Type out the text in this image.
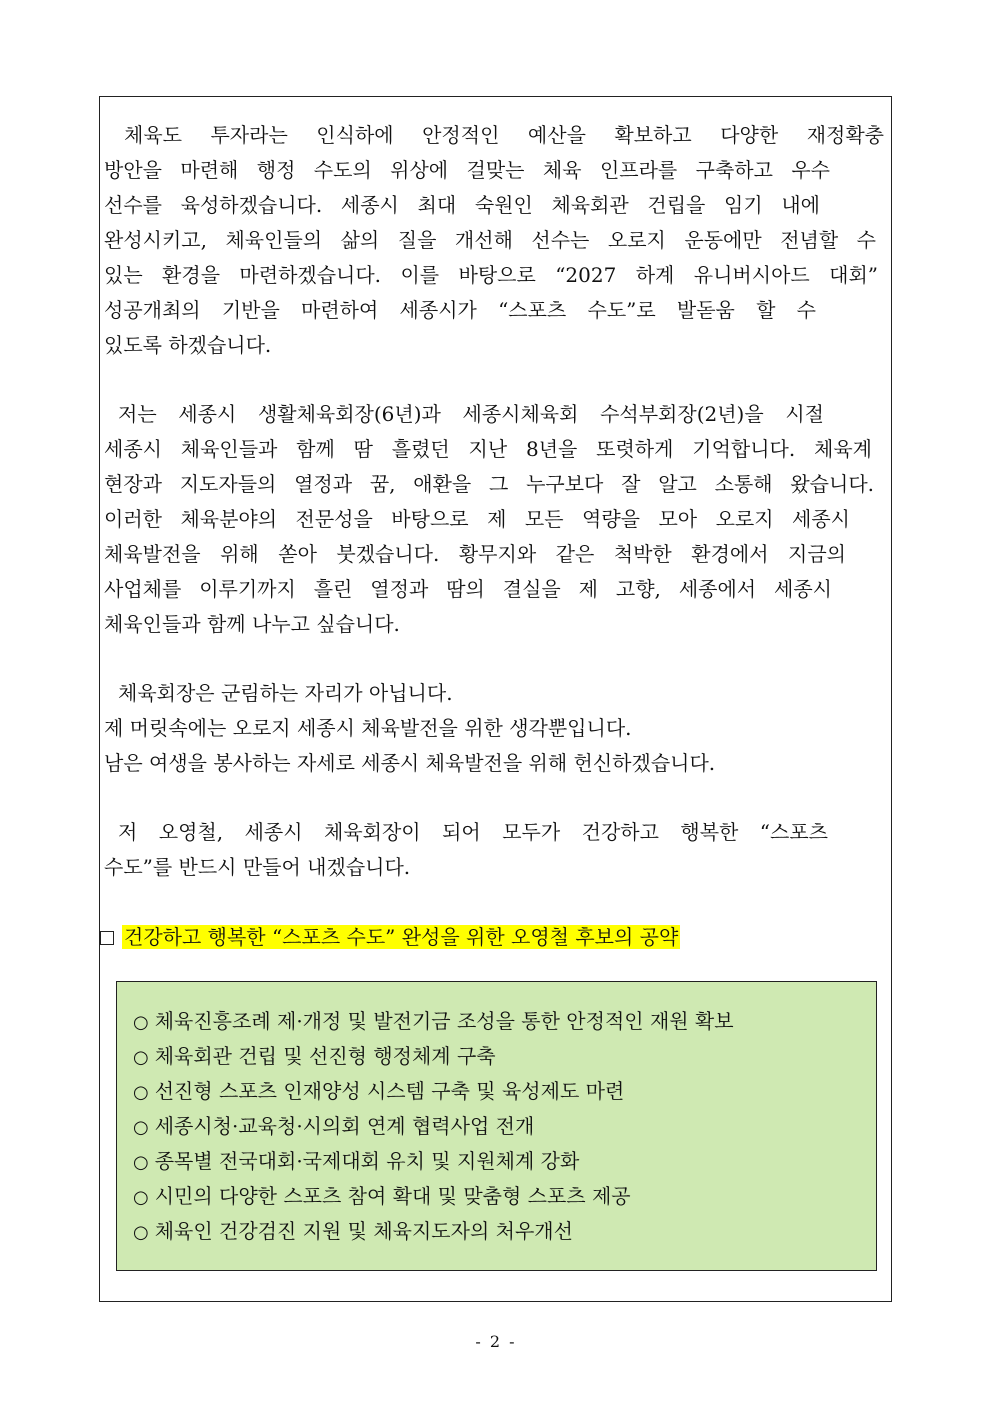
체육도 투자라는 인식하에 안정적인 예산을 확보하고 다양한 재정확충
방안을 마련해 행정 수도의 위상에 걸맞는 체육 인프라를 구축하고 우수
선수를 육성하겠습니다. 세종시 최대 숙원인 체육회관 건립을 임기 내에
완성시키고, 체육인들의 삶의 질을 개선해 선수는 오로지 운동에만 전념할 수
있는 환경을 마련하겠습니다. 이를 바탕으로 “2027 하계 유니버시아드 대회”
성공개최의 기반을 마련하여 세종시가 “스포츠 수도”로 발돋움 할 수
있도록 하겠습니다.
저는 세종시 생활체육회장(6년)과 세종시체육회 수석부회장(2년)을 시절
세종시 체육인들과 함께 땀 흘렸던 지난 8년을 또렷하게 기억합니다. 체육계
현장과 지도자들의 열정과 꿈, 애환을 그 누구보다 잘 알고 소통해 왔습니다.
이러한 체육분야의 전문성을 바탕으로 제 모든 역량을 모아 오로지 세종시
체육발전을 위해 쏟아 붓겠습니다. 황무지와 같은 척박한 환경에서 지금의
사업체를 이루기까지 흘린 열정과 땀의 결실을 제 고향, 세종에서 세종시
체육인들과 함께 나누고 싶습니다.
체육회장은 군림하는 자리가 아닙니다.
제 머릿속에는 오로지 세종시 체육발전을 위한 생각뿐입니다.
남은 여생을 봉사하는 자세로 세종시 체육발전을 위해 헌신하겠습니다.
저 오영철, 세종시 체육회장이 되어 모두가 건강하고 행복한 “스포츠
수도”를 반드시 만들어 내겠습니다.
건강하고 행복한 “스포츠 수도” 완성을 위한 오영철 후보의 공약
○ 체육진흥조례 제·개정 및 발전기금 조성을 통한 안정적인 재원 확보
○ 체육회관 건립 및 선진형 행정체계 구축
○ 선진형 스포츠 인재양성 시스템 구축 및 육성제도 마련
○ 세종시청·교육청·시의회 연계 협력사업 전개
○ 종목별 전국대회·국제대회 유치 및 지원체계 강화
○ 시민의 다양한 스포츠 참여 확대 및 맞춤형 스포츠 제공
○ 체육인 건강검진 지원 및 체육지도자의 처우개선
- 2 -
